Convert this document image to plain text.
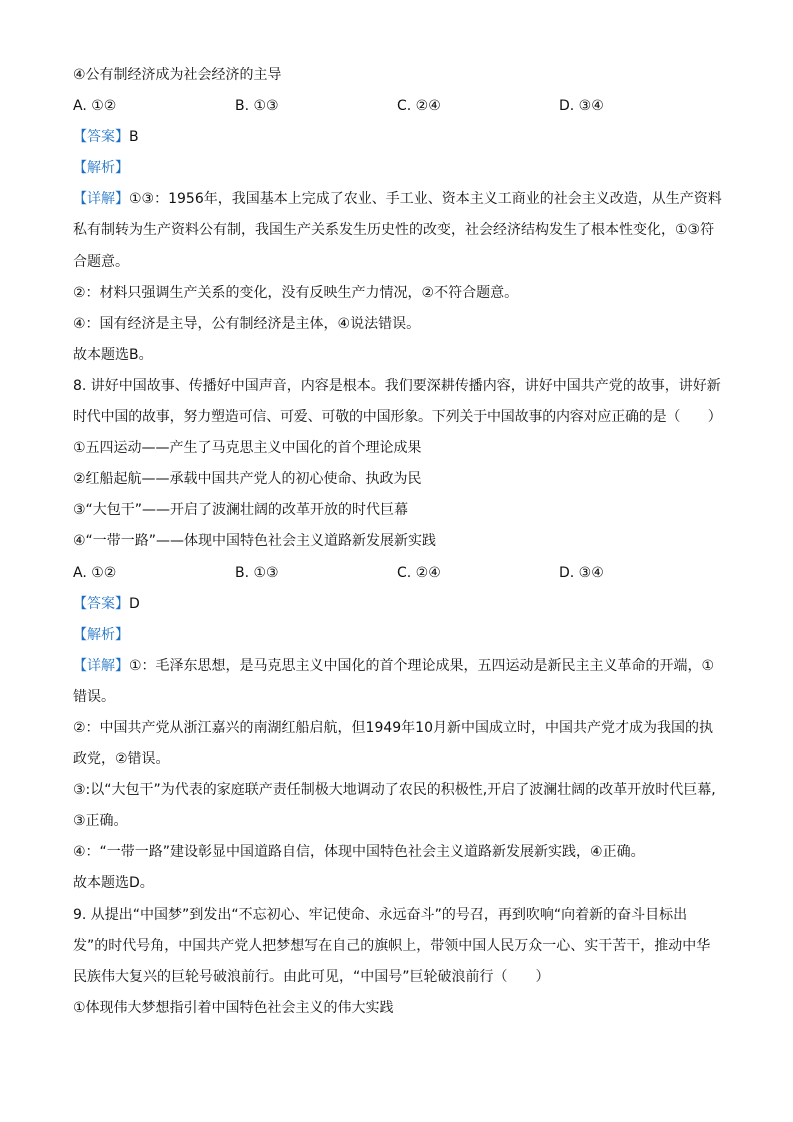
④公有制经济成为社会经济的主导
A. ①②	B. ①③	C. ②④	D. ③④
【答案】B
【解析】
【详解】①③：1956年，我国基本上完成了农业、手工业、资本主义工商业的社会主义改造，从生产资料
私有制转为生产资料公有制，我国生产关系发生历史性的改变，社会经济结构发生了根本性变化，①③符
合题意。
②：材料只强调生产关系的变化，没有反映生产力情况，②不符合题意。
④：国有经济是主导，公有制经济是主体，④说法错误。
故本题选B。
8. 讲好中国故事、传播好中国声音，内容是根本。我们要深耕传播内容，讲好中国共产党的故事，讲好新
时代中国的故事，努力塑造可信、可爱、可敬的中国形象。下列关于中国故事的内容对应正确的是（　　）
①五四运动——产生了马克思主义中国化的首个理论成果
②红船起航——承载中国共产党人的初心使命、执政为民
③“大包干”——开启了波澜壮阔的改革开放的时代巨幕
④“一带一路”——体现中国特色社会主义道路新发展新实践
A. ①②	B. ①③	C. ②④	D. ③④
【答案】D
【解析】
【详解】①：毛泽东思想，是马克思主义中国化的首个理论成果，五四运动是新民主主义革命的开端，①
错误。
②：中国共产党从浙江嘉兴的南湖红船启航，但1949年10月新中国成立时，中国共产党才成为我国的执
政党，②错误。
③:以“大包干”为代表的家庭联产责任制极大地调动了农民的积极性,开启了波澜壮阔的改革开放时代巨幕,
③正确。
④：“一带一路”建设彰显中国道路自信，体现中国特色社会主义道路新发展新实践，④正确。
故本题选D。
9. 从提出“中国梦”到发出“不忘初心、牢记使命、永远奋斗”的号召，再到吹响“向着新的奋斗目标出
发”的时代号角，中国共产党人把梦想写在自己的旗帜上，带领中国人民万众一心、实干苦干，推动中华
民族伟大复兴的巨轮号破浪前行。由此可见，“中国号”巨轮破浪前行（　　）
①体现伟大梦想指引着中国特色社会主义的伟大实践
